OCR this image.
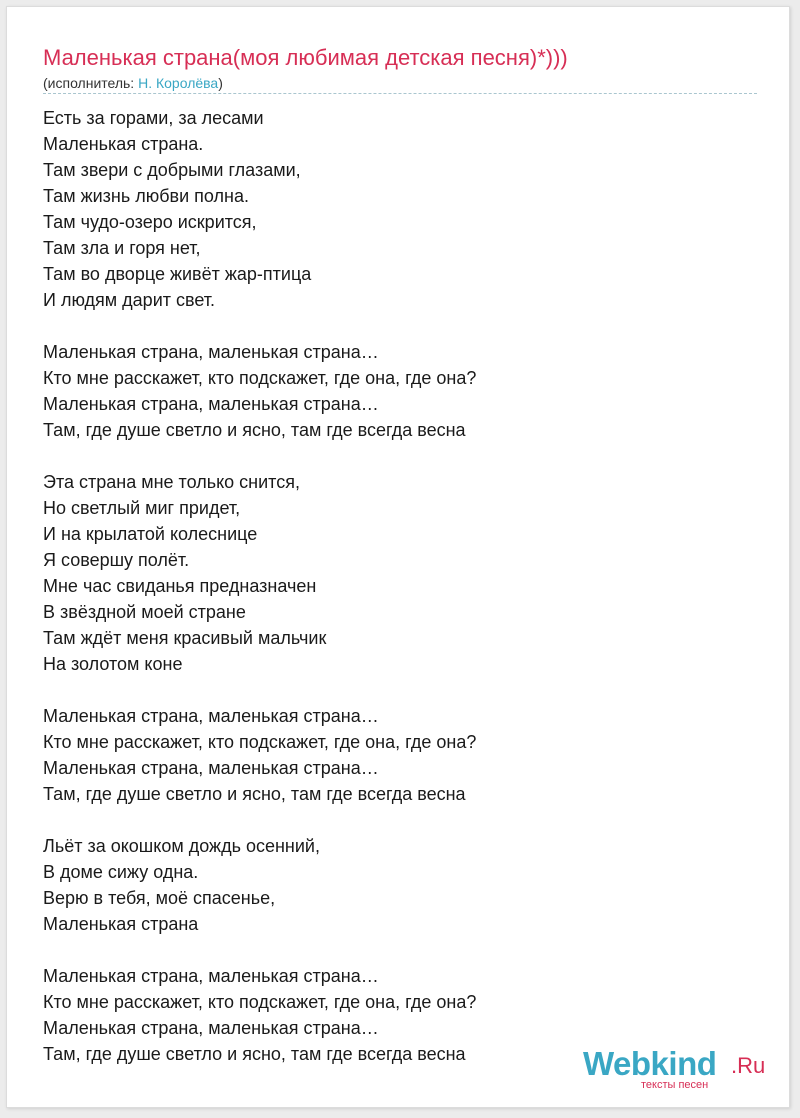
Маленькая страна(моя любимая детская песня)*)))
(исполнитель: Н. Королёва)
Есть за горами, за лесами
Маленькая страна.
Там звери с добрыми глазами,
Там жизнь любви полна.
Там чудо-озеро искрится,
Там зла и горя нет,
Там во дворце живёт жар-птица
И людям дарит свет.
Маленькая страна, маленькая страна…
Кто мне расскажет, кто подскажет, где она, где она?
Маленькая страна, маленькая страна…
Там, где душе светло и ясно, там где всегда весна
Эта страна мне только снится,
Но светлый миг придет,
И на крылатой колеснице
Я совершу полёт.
Мне час свиданья предназначен
В звёздной моей стране
Там ждёт меня красивый мальчик
На золотом коне
Маленькая страна, маленькая страна…
Кто мне расскажет, кто подскажет, где она, где она?
Маленькая страна, маленькая страна…
Там, где душе светло и ясно, там где всегда весна
Льёт за окошком дождь осенний,
В доме сижу одна.
Верю в тебя, моё спасенье,
Маленькая страна
Маленькая страна, маленькая страна…
Кто мне расскажет, кто подскажет, где она, где она?
Маленькая страна, маленькая страна…
Там, где душе светло и ясно, там где всегда весна	Webkind .Ru
тексты песен
